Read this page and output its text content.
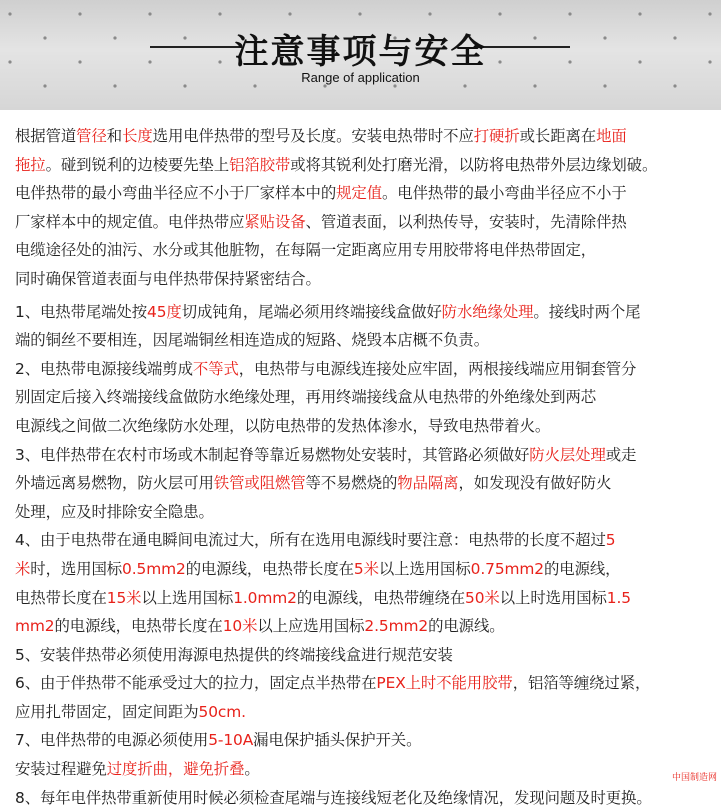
注意事项与安全
Range of application
根据管道管径和长度选用电伴热带的型号及长度。安装电热带时不应打硬折或长距离在地面
拖拉。碰到锐利的边棱要先垫上铝箔胶带或将其锐利处打磨光滑，以防将电热带外层边缘划破。
电伴热带的最小弯曲半径应不小于厂家样本中的规定值。电伴热带的最小弯曲半径应不小于
厂家样本中的规定值。电伴热带应紧贴设备、管道表面，以利热传导，安装时，先清除伴热
电缆途径处的油污、水分或其他脏物，在每隔一定距离应用专用胶带将电伴热带固定，
同时确保管道表面与电伴热带保持紧密结合。
1、电热带尾端处按45度切成钝角，尾端必须用终端接线盒做好防水绝缘处理。接线时两个尾
端的铜丝不要相连，因尾端铜丝相连造成的短路、烧毁本店概不负责。
2、电热带电源接线端剪成不等式，电热带与电源线连接处应牢固，两根接线端应用铜套管分
别固定后接入终端接线盒做防水绝缘处理，再用终端接线盒从电热带的外绝缘处到两芯
电源线之间做二次绝缘防水处理，以防电热带的发热体渗水，导致电热带着火。
3、电伴热带在农村市场或木制起脊等靠近易燃物处安装时，其管路必须做好防火层处理或走
外墙远离易燃物，防火层可用铁管或阻燃管等不易燃烧的物品隔离，如发现没有做好防火
处理，应及时排除安全隐患。
4、由于电热带在通电瞬间电流过大，所有在选用电源线时要注意：电热带的长度不超过5
米时，选用国标0.5mm2的电源线，电热带长度在5米以上选用国标0.75mm2的电源线，
电热带长度在15米以上选用国标1.0mm2的电源线，电热带缠绕在50米以上时选用国标1.5
mm2的电源线，电热带长度在10米以上应选用国标2.5mm2的电源线。
5、安装伴热带必须使用海源电热提供的终端接线盒进行规范安装
6、由于伴热带不能承受过大的拉力，固定点半热带在PEX上时不能用胶带，铝箔等缠绕过紧，
应用扎带固定，固定间距为50cm.
7、电伴热带的电源必须使用5-10A漏电保护插头保护开关。
安装过程避免过度折曲，避免折叠。
8、每年电伴热带重新使用时候必须检查尾端与连接线短老化及绝缘情况，发现问题及时更换。
中国制造网
